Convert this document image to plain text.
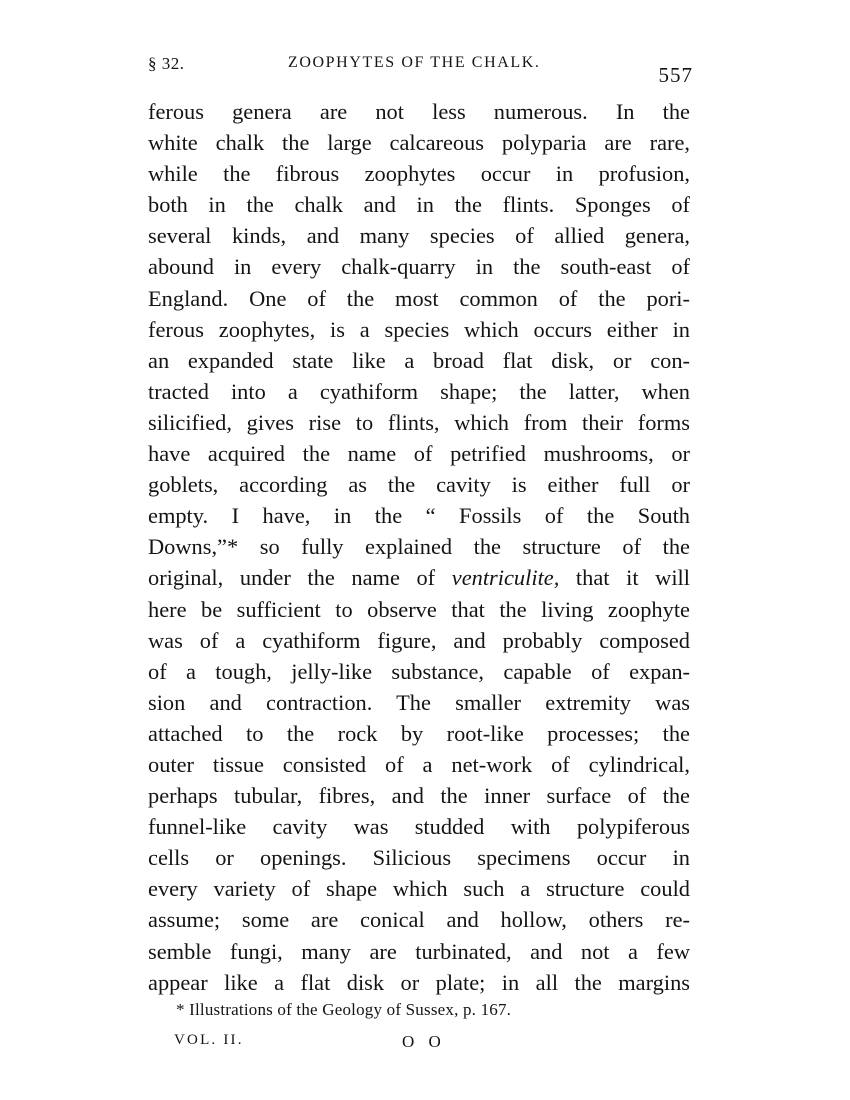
§ 32.	ZOOPHYTES OF THE CHALK.
557
ferous genera are not less numerous. In the
white chalk the large calcareous polyparia are rare,
while the fibrous zoophytes occur in profusion,
both in the chalk and in the flints. Sponges of
several kinds, and many species of allied genera,
abound in every chalk-quarry in the south-east of
England. One of the most common of the pori-
ferous zoophytes, is a species which occurs either in
an expanded state like a broad flat disk, or con-
tracted into a cyathiform shape; the latter, when
silicified, gives rise to flints, which from their forms
have acquired the name of petrified mushrooms, or
goblets, according as the cavity is either full or
empty. I have, in the “ Fossils of the South
Downs,”* so fully explained the structure of the
original, under the name of ventriculite, that it will
here be sufficient to observe that the living zoophyte
was of a cyathiform figure, and probably composed
of a tough, jelly-like substance, capable of expan-
sion and contraction. The smaller extremity was
attached to the rock by root-like processes; the
outer tissue consisted of a net-work of cylindrical,
perhaps tubular, fibres, and the inner surface of the
funnel-like cavity was studded with polypiferous
cells or openings. Silicious specimens occur in
every variety of shape which such a structure could
assume; some are conical and hollow, others re-
semble fungi, many are turbinated, and not a few
appear like a flat disk or plate; in all the margins
* Illustrations of the Geology of Sussex, p. 167.
VOL. II.	O O
